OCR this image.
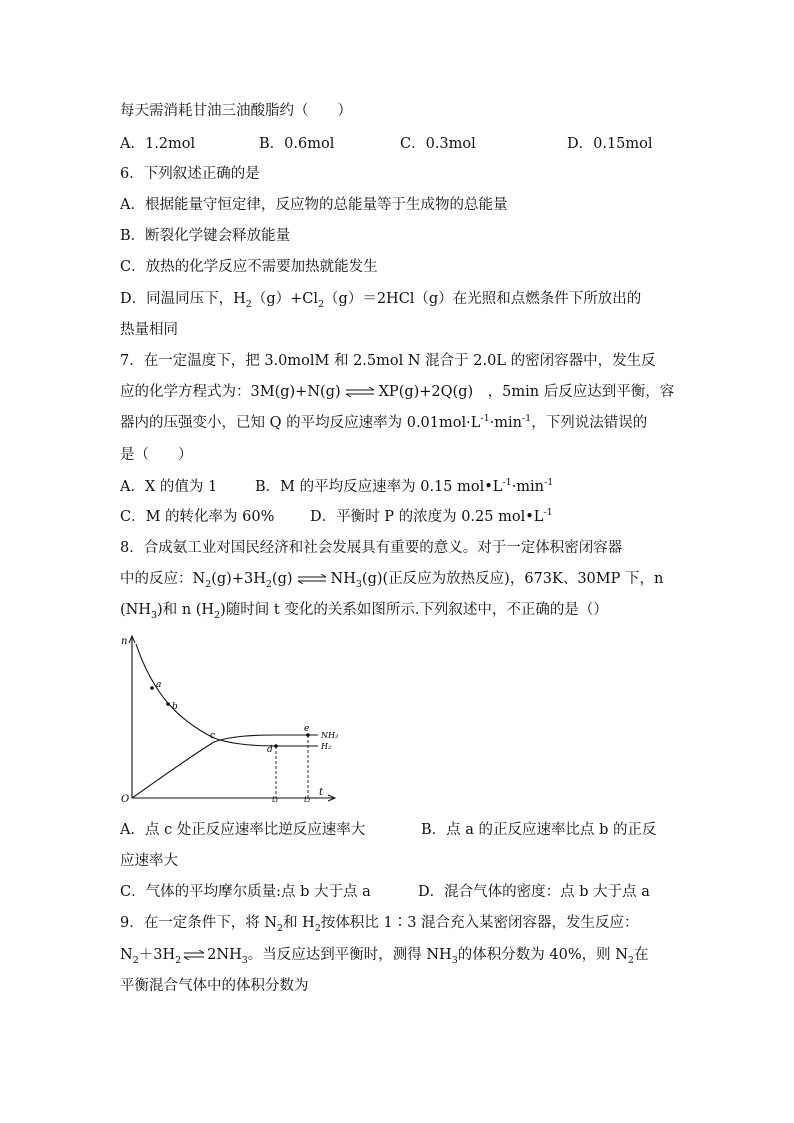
每天需消耗甘油三油酸脂约（　　）
A．1.2mol	B．0.6mol	C．0.3mol	D．0.15mol
6．下列叙述正确的是
A．根据能量守恒定律，反应物的总能量等于生成物的总能量
B．断裂化学键会释放能量
C．放热的化学反应不需要加热就能发生
D．同温同压下，$H_2(g)+Cl_2(g)=2HCl(g)$在光照和点燃条件下所放出的
热量相同
7．在一定温度下，把 3.0molM 和 2.5mol N 混合于 2.0L 的密闭容器中，发生反
应的化学方程式为：3M(g)+N(g) ⇌ XP(g)+2Q(g)　，5min 后反应达到平衡，容
器内的压强变小，已知 Q 的平均反应速率为 $0.01mol\cdot L^{-1}\cdot\min^{-1}$，下列说法错误的
是（　　）
A．X 的值为 1	B．M 的平均反应速率为 0.15 $mol•L^{-1}\cdot\min^{-1}$
C．M 的转化率为 60% D．平衡时 P 的浓度为 0.25 $mol•L^{-1}$
8．合成氨工业对国民经济和社会发展具有重要的意义。对于一定体积密闭容器
中的反应：$N_2(g)+3H_2(g)$ ⇌ $NH_3(g)$(正反应为放热反应)，673K、30MP 下，n
$(NH_3)$和 n $(H_2)$随时间 t 变化的关系如图所示.下列叙述中，不正确的是（）
n
t
O
a
b
c
d
e
NH₃
H₂
t₁	t₂
A．点 c 处正反应速率比逆反应速率大	B．点 a 的正反应速率比点 b 的正反
应速率大
C．气体的平均摩尔质量:点 b 大于点 a	D．混合气体的密度：点 b 大于点 a
9．在一定条件下，将 $N_2$和 $H_2$按体积比 1∶3 混合充入某密闭容器，发生反应：
$N_2+3H_2$ ⇌ $2NH_3$。当反应达到平衡时，测得 $NH_3$的体积分数为 40%，则 $N_2$在
平衡混合气体中的体积分数为
